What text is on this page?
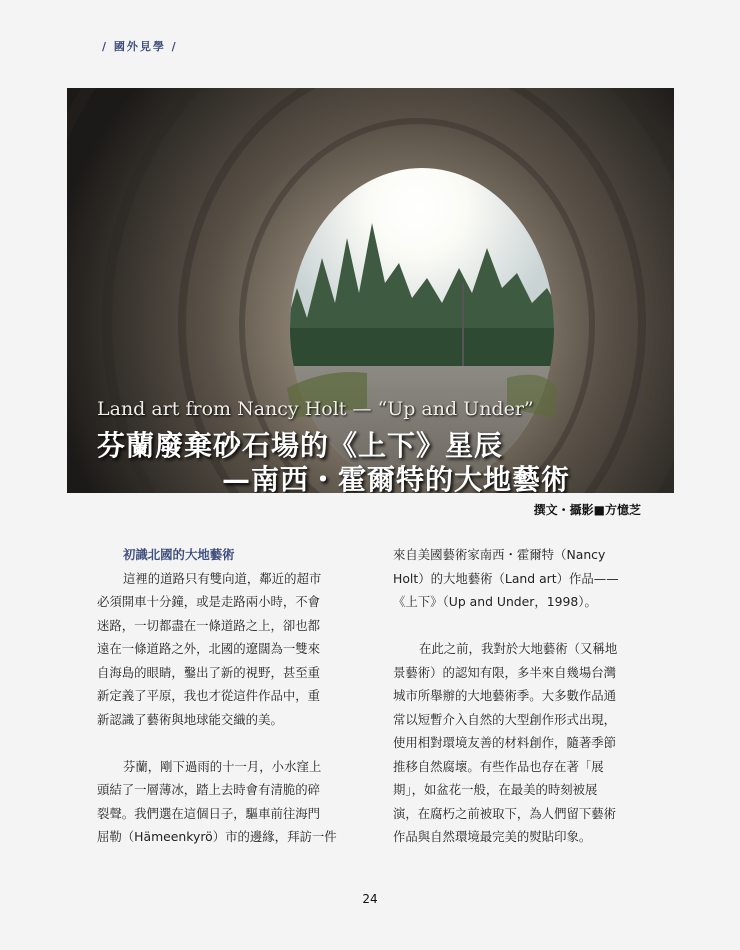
/ 國外見學 /
Land art from Nancy Holt — “Up and Under”
芬蘭廢棄砂石場的《上下》星辰
—南西・霍爾特的大地藝術
撰文・攝影■方憶芝
初識北國的大地藝術
這裡的道路只有雙向道，鄰近的超市
必須開車十分鐘，或是走路兩小時，不會
迷路，一切都盡在一條道路之上，卻也都
遠在一條道路之外，北國的遼闊為一雙來
自海島的眼睛，鑿出了新的視野，甚至重
新定義了平原，我也才從這件作品中，重
新認識了藝術與地球能交織的美。
芬蘭，剛下過雨的十一月，小水窪上
頭結了一層薄冰，踏上去時會有清脆的碎
裂聲。我們選在這個日子，驅車前往海門
屈勒（Hämeenkyrö）市的邊緣，拜訪一件
來自美國藝術家南西・霍爾特（Nancy
Holt）的大地藝術（Land art）作品——
《上下》（Up and Under，1998）。
在此之前，我對於大地藝術（又稱地
景藝術）的認知有限，多半來自幾場台灣
城市所舉辦的大地藝術季。大多數作品通
常以短暫介入自然的大型創作形式出現，
使用相對環境友善的材料創作，隨著季節
推移自然腐壞。有些作品也存在著「展
期」，如盆花一般，在最美的時刻被展
演，在腐朽之前被取下，為人們留下藝術
作品與自然環境最完美的熨貼印象。
24
